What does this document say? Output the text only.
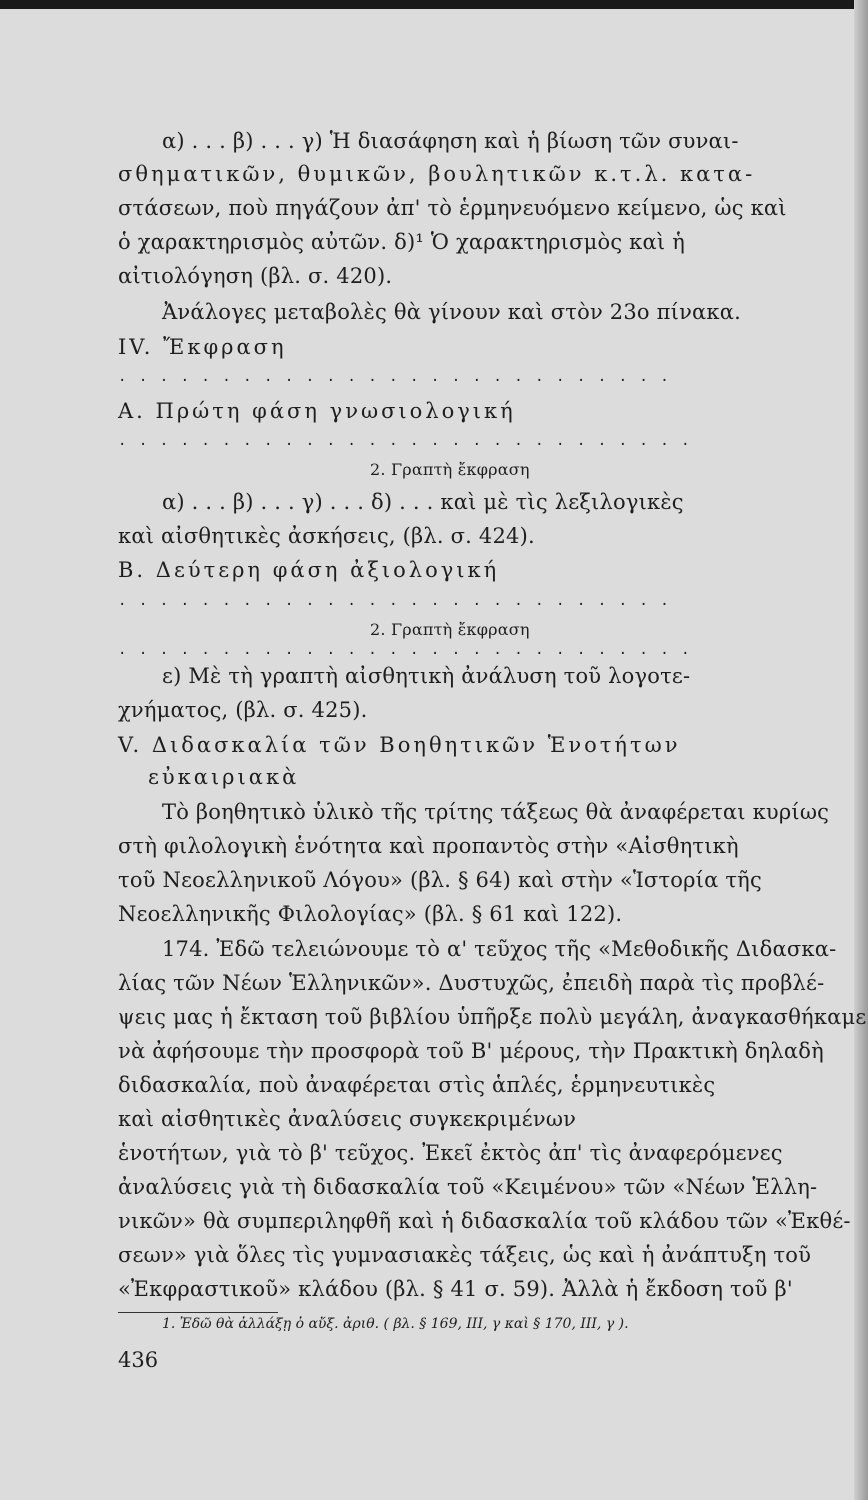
α) . . . β) . . . γ) Ἡ διασάφηση καὶ ἡ βίωση τῶν συναι-
σθηματικῶν, θυμικῶν, βουλητικῶν κ.τ.λ. κατα-
στάσεων, ποὺ πηγάζουν ἀπ' τὸ ἑρμηνευόμενο κείμενο, ὡς καὶ
ὁ χαρακτηρισμὸς αὐτῶν. δ)¹ Ὁ χαρακτηρισμὸς καὶ ἡ
αἰτιολόγηση (βλ. σ. 420).
Ἀνάλογες μεταβολὲς θὰ γίνουν καὶ στὸν 23ο πίνακα.
IV. Ἔκφραση
. . . . . . . . . . . . . . . . . . . . . . . . . . .
Α. Πρώτη φάση γνωσιολογική
. . . . . . . . . . . . . . . . . . . . . . . . . . . .
2. Γραπτὴ ἔκφραση
α) . . . β) . . . γ) . . . δ) . . . καὶ μὲ τὶς λεξιλογικὲς
καὶ αἰσθητικὲς ἀσκήσεις, (βλ. σ. 424).
Β. Δεύτερη φάση ἀξιολογική
. . . . . . . . . . . . . . . . . . . . . . . . . . .
2. Γραπτὴ ἔκφραση
. . . . . . . . . . . . . . . . . . . . . . . . . . . .
ε) Μὲ τὴ γραπτὴ αἰσθητικὴ ἀνάλυση τοῦ λογοτε-
χνήματος, (βλ. σ. 425).
V. Διδασκαλία τῶν Βοηθητικῶν Ἑνοτήτων
εὐκαιριακὰ
Τὸ βοηθητικὸ ὑλικὸ τῆς τρίτης τάξεως θὰ ἀναφέρεται κυρίως
στὴ φιλολογικὴ ἑνότητα καὶ προπαντὸς στὴν «Αἰσθητικὴ
τοῦ Νεοελληνικοῦ Λόγου» (βλ. § 64) καὶ στὴν «Ἱστορία τῆς
Νεοελληνικῆς Φιλολογίας» (βλ. § 61 καὶ 122).
174. Ἐδῶ τελειώνουμε τὸ α' τεῦχος τῆς «Μεθοδικῆς Διδασκα-
λίας τῶν Νέων Ἑλληνικῶν». Δυστυχῶς, ἐπειδὴ παρὰ τὶς προβλέ-
ψεις μας ἡ ἔκταση τοῦ βιβλίου ὑπῆρξε πολὺ μεγάλη, ἀναγκασθήκαμε
νὰ ἀφήσουμε τὴν προσφορὰ τοῦ Β' μέρους, τὴν Πρακτικὴ δηλαδὴ
διδασκαλία, ποὺ ἀναφέρεται στὶς ἁπλές, ἑρμηνευτικὲς
καὶ αἰσθητικὲς ἀναλύσεις συγκεκριμένων
ἑνοτήτων, γιὰ τὸ β' τεῦχος. Ἐκεῖ ἐκτὸς ἀπ' τὶς ἀναφερόμενες
ἀναλύσεις γιὰ τὴ διδασκαλία τοῦ «Κειμένου» τῶν «Νέων Ἑλλη-
νικῶν» θὰ συμπεριληφθῆ καὶ ἡ διδασκαλία τοῦ κλάδου τῶν «Ἐκθέ-
σεων» γιὰ ὅλες τὶς γυμνασιακὲς τάξεις, ὡς καὶ ἡ ἀνάπτυξη τοῦ
«Ἐκφραστικοῦ» κλάδου (βλ. § 41 σ. 59). Ἀλλὰ ἡ ἔκδοση τοῦ β'
1. Ἐδῶ θὰ ἀλλάξῃ ὁ αὔξ. ἀριθ. ( βλ. § 169, III, γ καὶ § 170, III, γ ).
436
